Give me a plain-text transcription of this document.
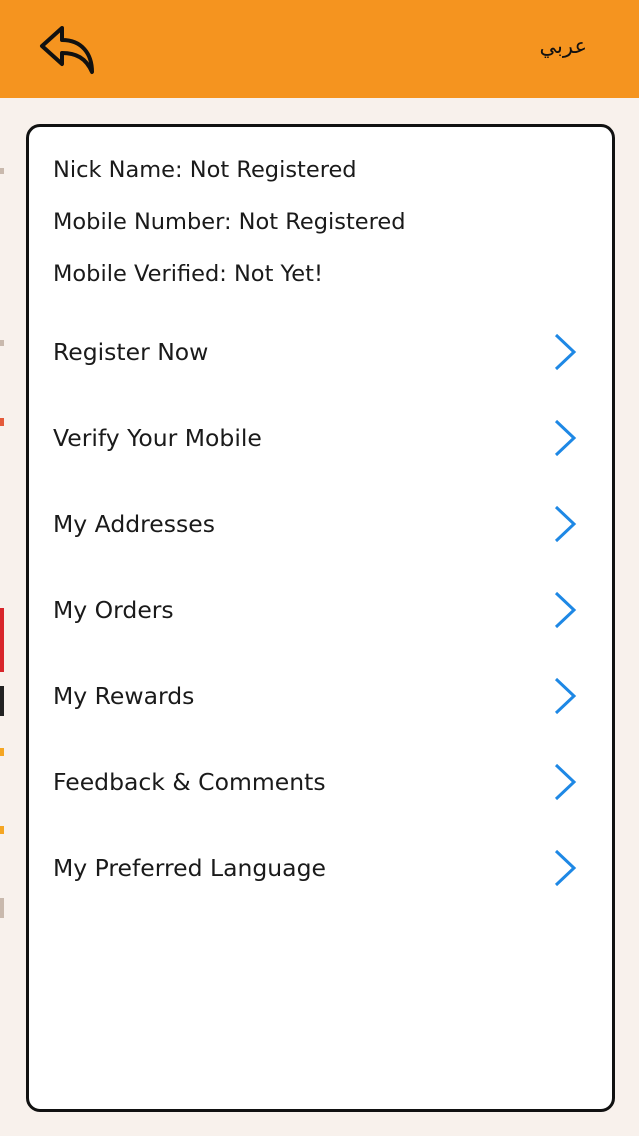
عربي
Nick Name: Not Registered
Mobile Number: Not Registered
Mobile Verified: Not Yet!
Register Now
Verify Your Mobile
My Addresses
My Orders
My Rewards
Feedback & Comments
My Preferred Language
